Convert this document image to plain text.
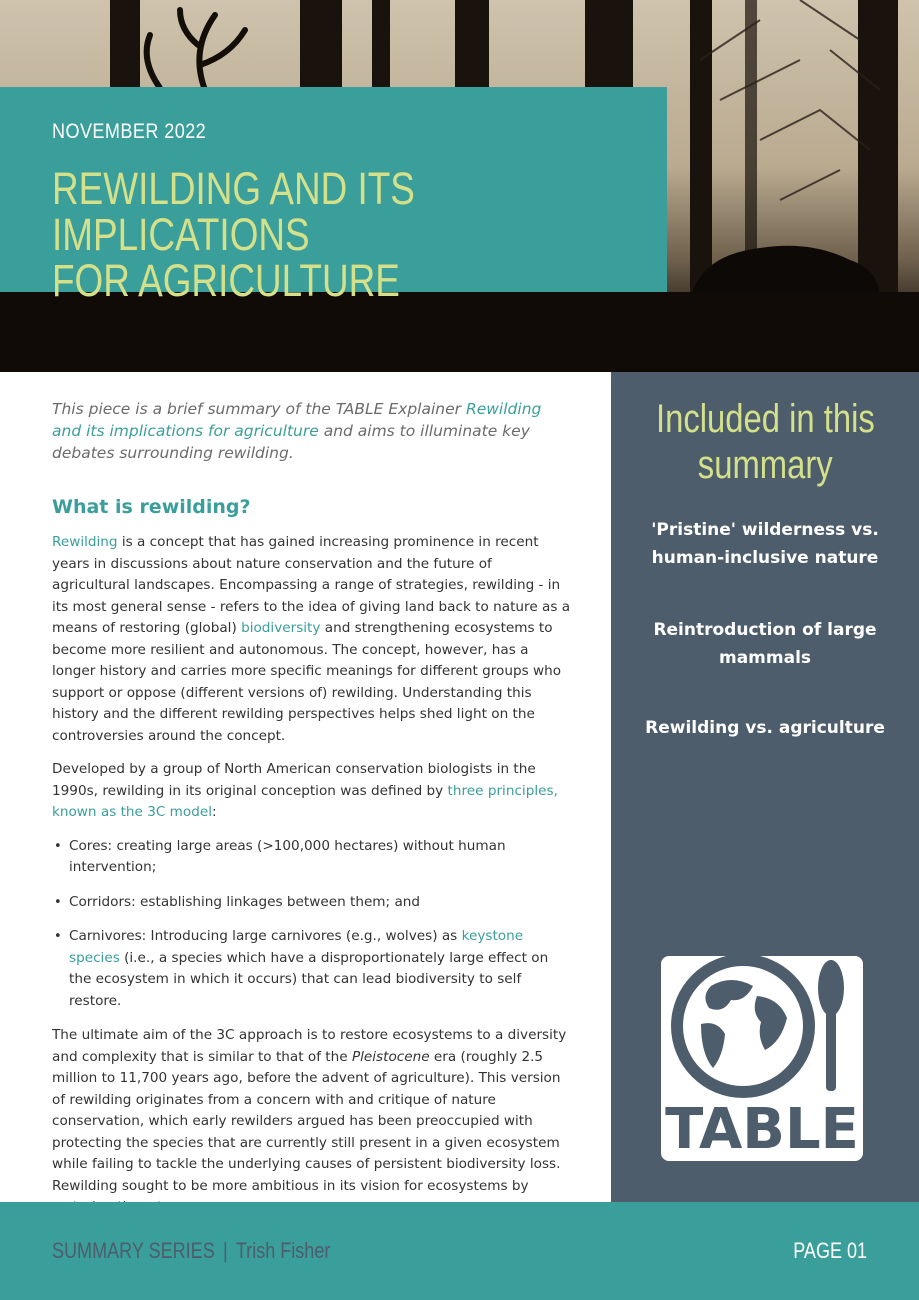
NOVEMBER 2022
REWILDING AND ITS IMPLICATIONS
FOR AGRICULTURE

This piece is a brief summary of the TABLE Explainer Rewilding and its implications for agriculture and aims to illuminate key debates surrounding rewilding.

What is rewilding?

Rewilding is a concept that has gained increasing prominence in recent years in discussions about nature conservation and the future of agricultural landscapes. Encompassing a range of strategies, rewilding - in its most general sense - refers to the idea of giving land back to nature as a means of restoring (global) biodiversity and strengthening ecosystems to become more resilient and autonomous. The concept, however, has a longer history and carries more specific meanings for different groups who support or oppose (different versions of) rewilding. Understanding this history and the different rewilding perspectives helps shed light on the controversies around the concept.

Developed by a group of North American conservation biologists in the 1990s, rewilding in its original conception was defined by three principles, known as the 3C model:

• Cores: creating large areas (>100,000 hectares) without human intervention;
• Corridors: establishing linkages between them; and
• Carnivores: Introducing large carnivores (e.g., wolves) as keystone species (i.e., a species which have a disproportionately large effect on the ecosystem in which it occurs) that can lead biodiversity to self restore.

The ultimate aim of the 3C approach is to restore ecosystems to a diversity and complexity that is similar to that of the Pleistocene era (roughly 2.5 million to 11,700 years ago, before the advent of agriculture). This version of rewilding originates from a concern with and critique of nature conservation, which early rewilders argued has been preoccupied with protecting the species that are currently still present in a given ecosystem while failing to tackle the underlying causes of persistent biodiversity loss. Rewilding sought to be more ambitious in its vision for ecosystems by

Included in this
summary
'Pristine' wilderness vs. human-inclusive nature
Reintroduction of large mammals
Rewilding vs. agriculture
TABLE
SUMMARY SERIES | Trish Fisher	PAGE 01
